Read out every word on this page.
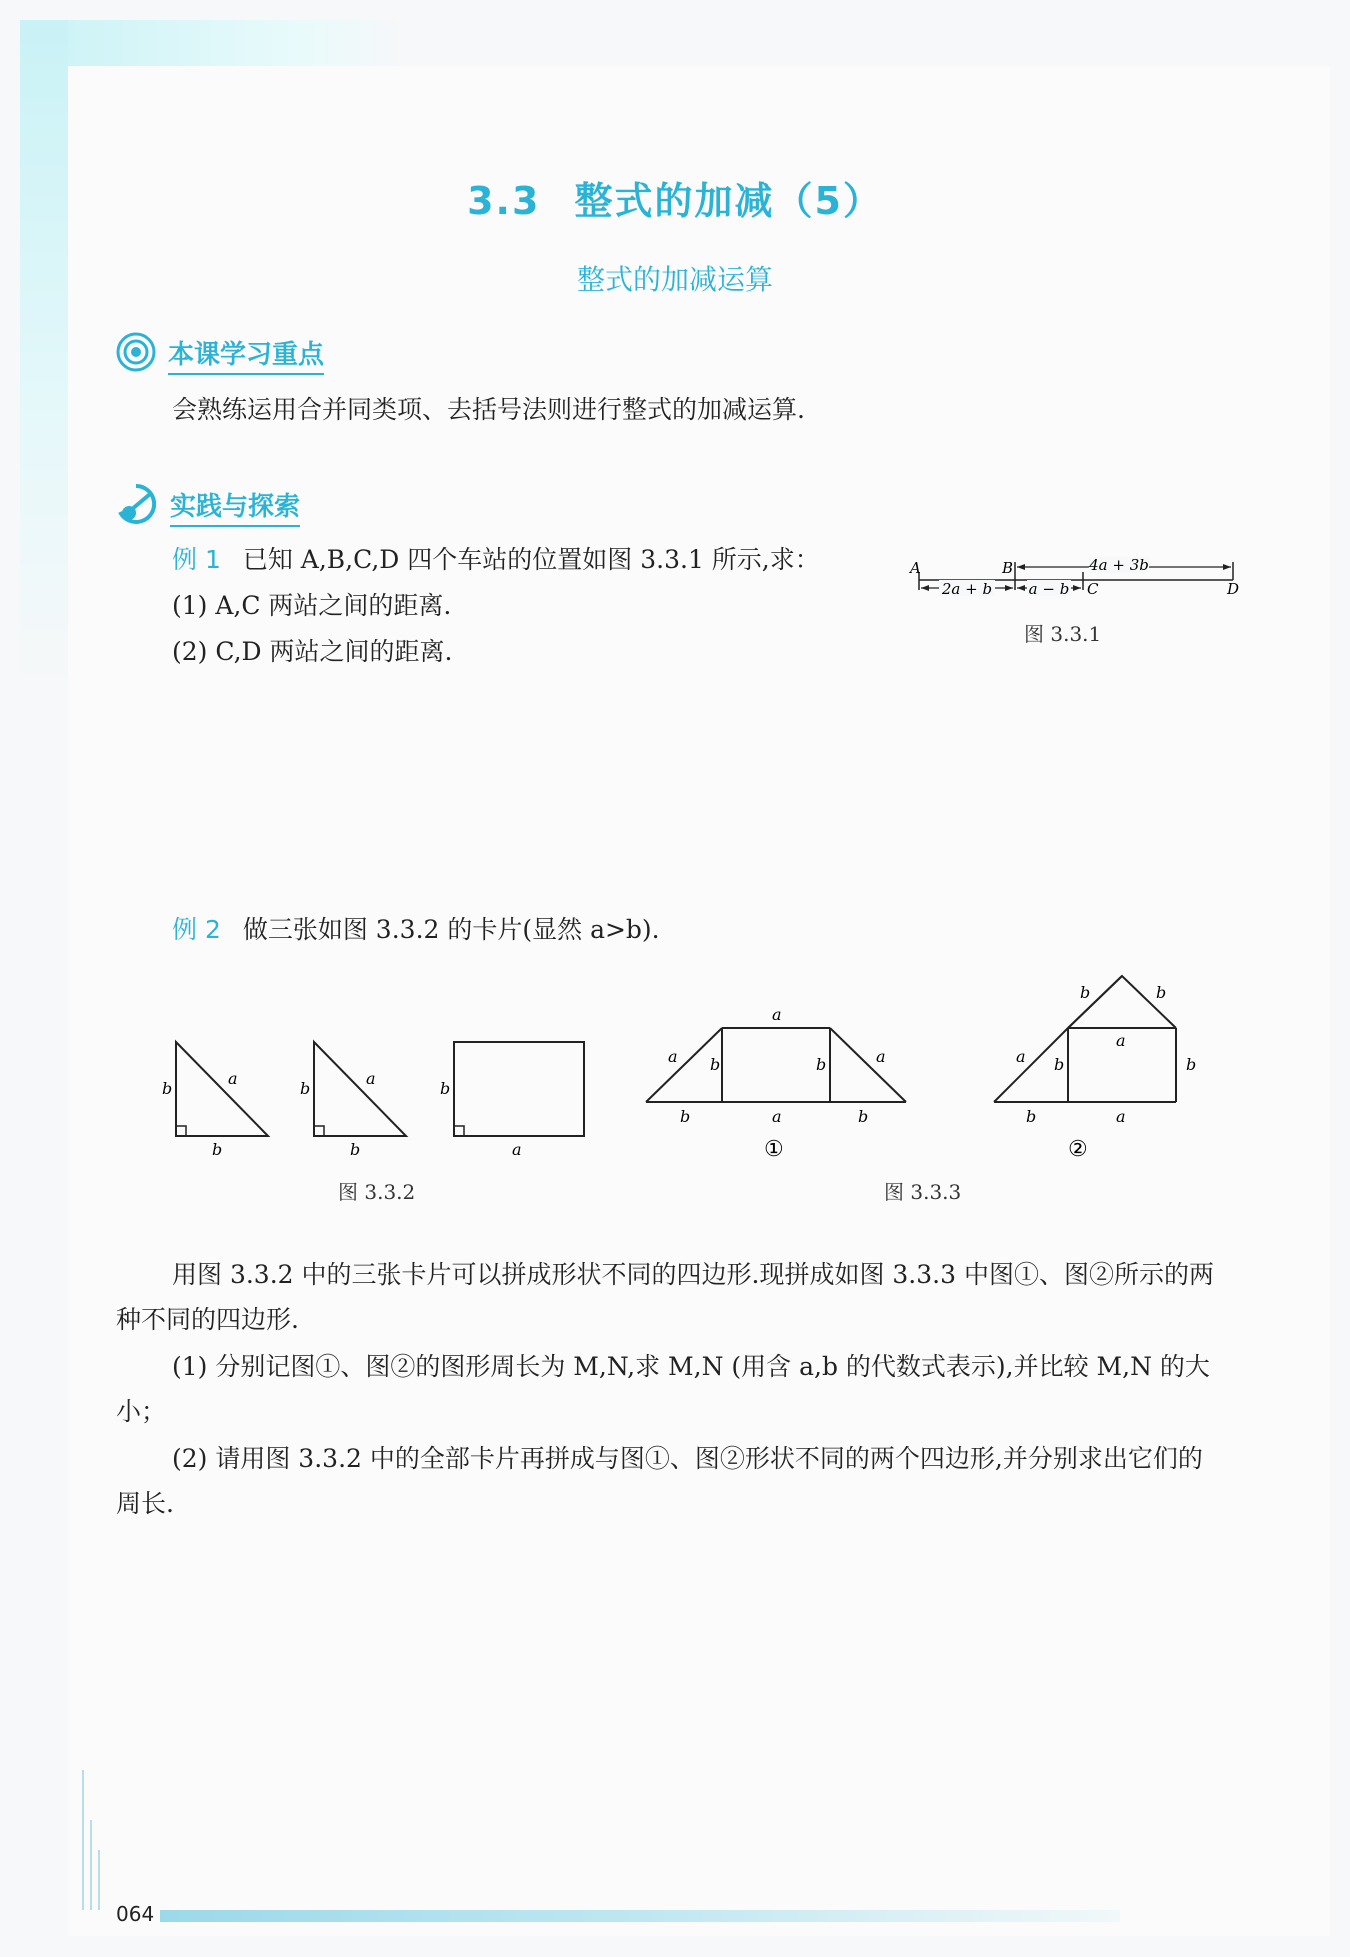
3.3 整式的加减（5）
整式的加减运算
本课学习重点
会熟练运用合并同类项、去括号法则进行整式的加减运算.
实践与探索
例 1 已知 A,B,C,D 四个车站的位置如图 3.3.1 所示,求：
(1) A,C 两站之间的距离.
(2) C,D 两站之间的距离.
4a + 3b
2a + b a − b
A	B
C	D
图 3.3.1
例 2 做三张如图 3.3.2 的卡片(显然 a>b).
b
a
b
b
a
b
b
a
图 3.3.2
a
a b	b	a
b	a	b
①
b	b
a
a b	b
b	a
②
图 3.3.3
用图 3.3.2 中的三张卡片可以拼成形状不同的四边形.现拼成如图 3.3.3 中图①、图②所示的两种不同的四边形.
(1) 分别记图①、图②的图形周长为 M,N,求 M,N (用含 a,b 的代数式表示),并比较 M,N 的大小；
(2) 请用图 3.3.2 中的全部卡片再拼成与图①、图②形状不同的两个四边形,并分别求出它们的周长.
064
